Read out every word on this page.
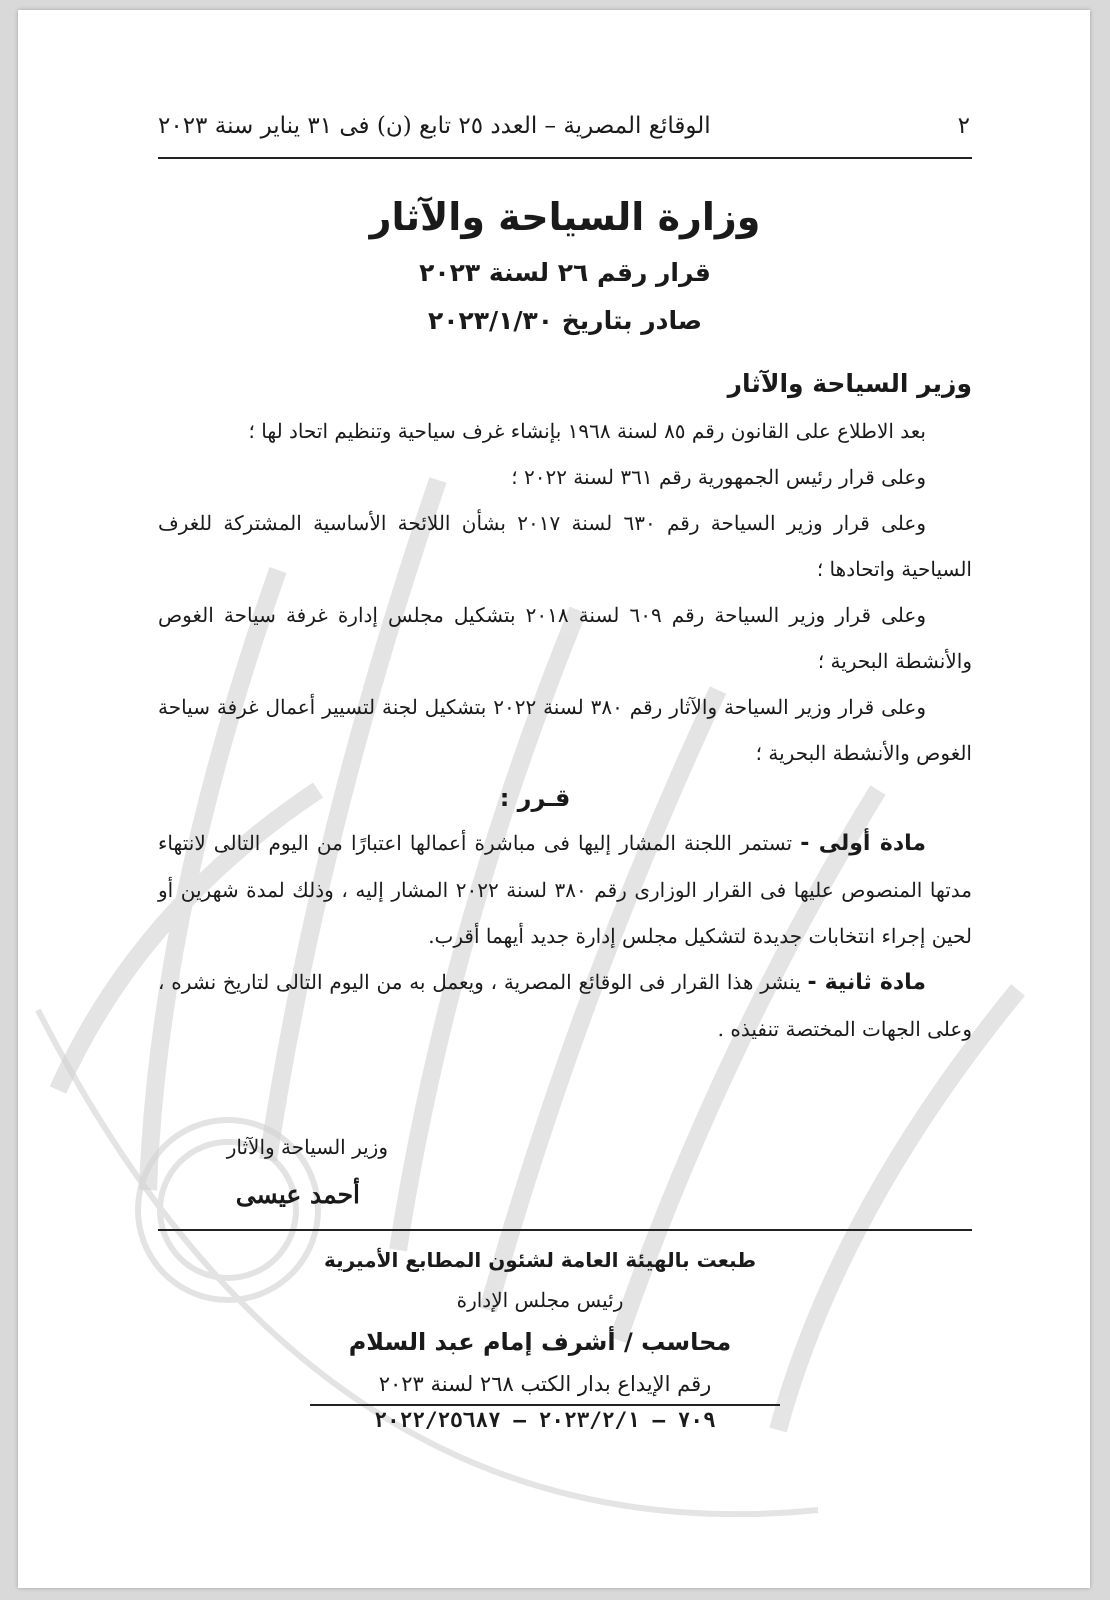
٢
الوقائع المصرية – العدد ٢٥ تابع (ن) فى ٣١ يناير سنة ٢٠٢٣
وزارة السياحة والآثار
قرار رقم ٢٦ لسنة ٢٠٢٣
صادر بتاريخ ٢٠٢٣/١/٣٠
وزير السياحة والآثار

بعد الاطلاع على القانون رقم ٨٥ لسنة ١٩٦٨ بإنشاء غرف سياحية وتنظيم اتحاد لها ؛

وعلى قرار رئيس الجمهورية رقم ٣٦١ لسنة ٢٠٢٢ ؛

وعلى قرار وزير السياحة رقم ٦٣٠ لسنة ٢٠١٧ بشأن اللائحة الأساسية المشتركة للغرف السياحية واتحادها ؛

وعلى قرار وزير السياحة رقم ٦٠٩ لسنة ٢٠١٨ بتشكيل مجلس إدارة غرفة سياحة الغوص والأنشطة البحرية ؛

وعلى قرار وزير السياحة والآثار رقم ٣٨٠ لسنة ٢٠٢٢ بتشكيل لجنة لتسيير أعمال غرفة سياحة الغوص والأنشطة البحرية ؛

قـرر :

مادة أولى - تستمر اللجنة المشار إليها فى مباشرة أعمالها اعتبارًا من اليوم التالى لانتهاء مدتها المنصوص عليها فى القرار الوزارى رقم ٣٨٠ لسنة ٢٠٢٢ المشار إليه ، وذلك لمدة شهرين أو لحين إجراء انتخابات جديدة لتشكيل مجلس إدارة جديد أيهما أقرب.

مادة ثانية - ينشر هذا القرار فى الوقائع المصرية ، ويعمل به من اليوم التالى لتاريخ نشره ، وعلى الجهات المختصة تنفيذه .

وزير السياحة والآثار
أحمد عيسى
طبعت بالهيئة العامة لشئون المطابع الأميرية
رئيس مجلس الإدارة
محاسب / أشرف إمام عبد السلام
رقم الإيداع بدار الكتب ٢٦٨ لسنة ٢٠٢٣
٧٠٩ – ٢٠٢٣/٢/١ – ٢٠٢٢/٢٥٦٨٧
